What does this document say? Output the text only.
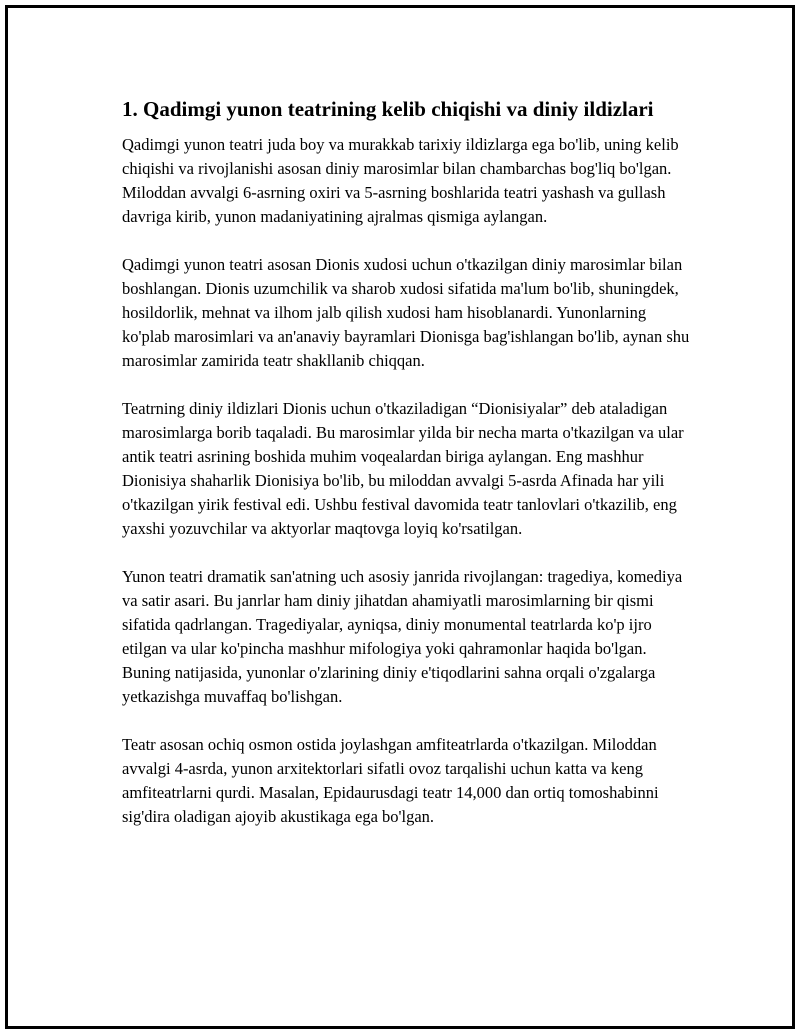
1. Qadimgi yunon teatrining kelib chiqishi va diniy ildizlari

Qadimgi yunon teatri juda boy va murakkab tarixiy ildizlarga ega bo'lib, uning kelib chiqishi va rivojlanishi asosan diniy marosimlar bilan chambarchas bog'liq bo'lgan. Miloddan avvalgi 6-asrning oxiri va 5-asrning boshlarida teatri yashash va gullash davriga kirib, yunon madaniyatining ajralmas qismiga aylangan.

Qadimgi yunon teatri asosan Dionis xudosi uchun o'tkazilgan diniy marosimlar bilan boshlangan. Dionis uzumchilik va sharob xudosi sifatida ma'lum bo'lib, shuningdek, hosildorlik, mehnat va ilhom jalb qilish xudosi ham hisoblanardi. Yunonlarning ko'plab marosimlari va an'anaviy bayramlari Dionisga bag'ishlangan bo'lib, aynan shu marosimlar zamirida teatr shakllanib chiqqan.

Teatrning diniy ildizlari Dionis uchun o'tkaziladigan “Dionisiyalar” deb ataladigan marosimlarga borib taqaladi. Bu marosimlar yilda bir necha marta o'tkazilgan va ular antik teatri asrining boshida muhim voqealardan biriga aylangan. Eng mashhur Dionisiya shaharlik Dionisiya bo'lib, bu miloddan avvalgi 5-asrda Afinada har yili o'tkazilgan yirik festival edi. Ushbu festival davomida teatr tanlovlari o'tkazilib, eng yaxshi yozuvchilar va aktyorlar maqtovga loyiq ko'rsatilgan.

Yunon teatri dramatik san'atning uch asosiy janrida rivojlangan: tragediya, komediya va satir asari. Bu janrlar ham diniy jihatdan ahamiyatli marosimlarning bir qismi sifatida qadrlangan. Tragediyalar, ayniqsa, diniy monumental teatrlarda ko'p ijro etilgan va ular ko'pincha mashhur mifologiya yoki qahramonlar haqida bo'lgan. Buning natijasida, yunonlar o'zlarining diniy e'tiqodlarini sahna orqali o'zgalarga yetkazishga muvaffaq bo'lishgan.

Teatr asosan ochiq osmon ostida joylashgan amfiteatrlarda o'tkazilgan. Miloddan avvalgi 4-asrda, yunon arxitektorlari sifatli ovoz tarqalishi uchun katta va keng amfiteatrlarni qurdi. Masalan, Epidaurusdagi teatr 14,000 dan ortiq tomoshabinni sig'dira oladigan ajoyib akustikaga ega bo'lgan.
